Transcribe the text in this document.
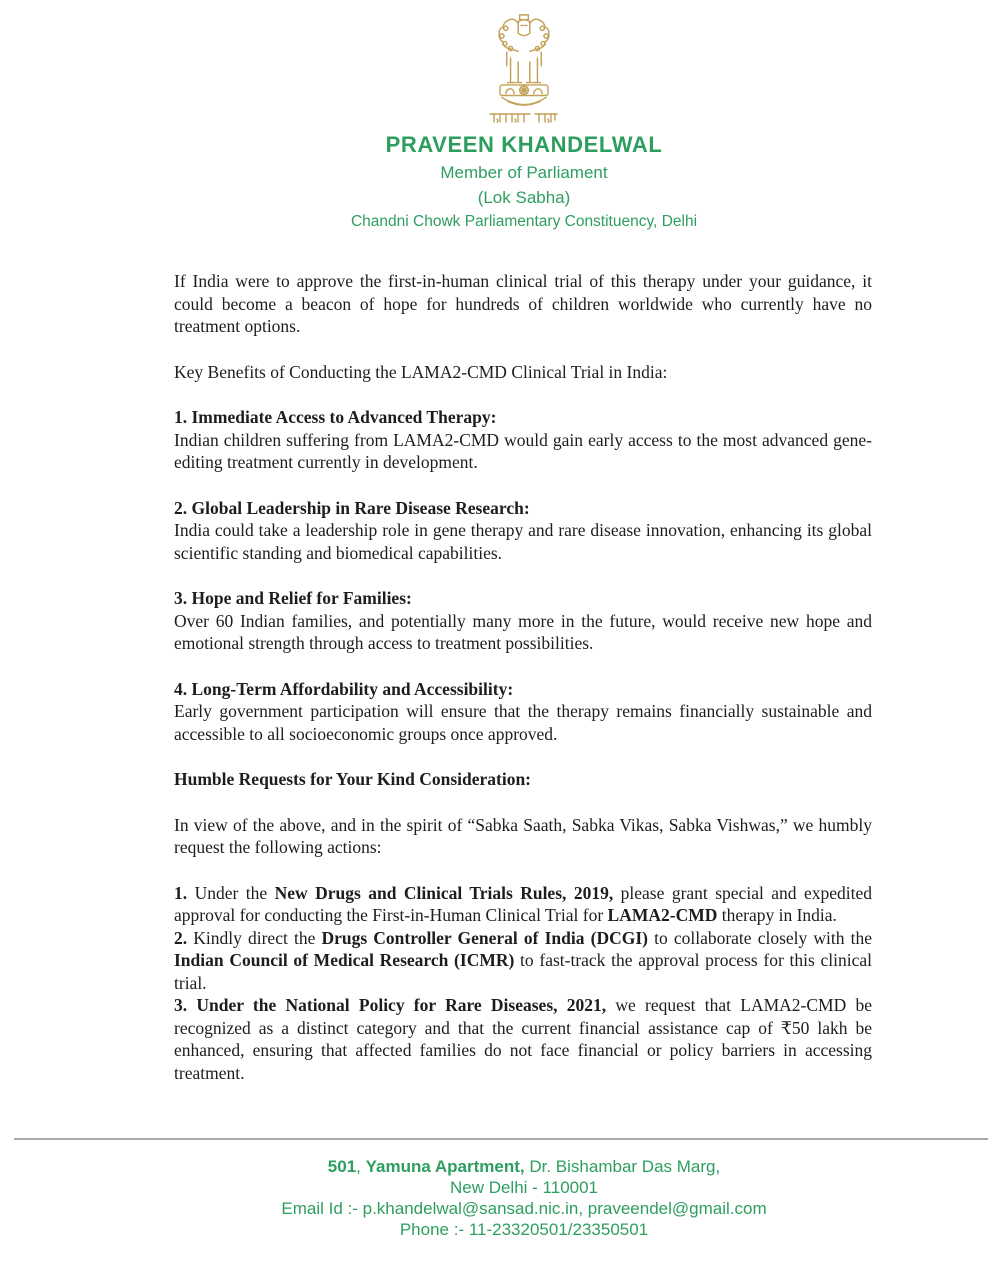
PRAVEEN KHANDELWAL
Member of Parliament
(Lok Sabha)
Chandni Chowk Parliamentary Constituency, Delhi

If India were to approve the first-in-human clinical trial of this therapy under your guidance, it could become a beacon of hope for hundreds of children worldwide who currently have no treatment options.

Key Benefits of Conducting the LAMA2-CMD Clinical Trial in India:

1. Immediate Access to Advanced Therapy:
Indian children suffering from LAMA2-CMD would gain early access to the most advanced gene-editing treatment currently in development.

2. Global Leadership in Rare Disease Research:
India could take a leadership role in gene therapy and rare disease innovation, enhancing its global scientific standing and biomedical capabilities.

3. Hope and Relief for Families:
Over 60 Indian families, and potentially many more in the future, would receive new hope and emotional strength through access to treatment possibilities.

4. Long-Term Affordability and Accessibility:
Early government participation will ensure that the therapy remains financially sustainable and accessible to all socioeconomic groups once approved.

Humble Requests for Your Kind Consideration:

In view of the above, and in the spirit of “Sabka Saath, Sabka Vikas, Sabka Vishwas,” we humbly request the following actions:

1. Under the New Drugs and Clinical Trials Rules, 2019, please grant special and expedited approval for conducting the First-in-Human Clinical Trial for LAMA2-CMD therapy in India.

2. Kindly direct the Drugs Controller General of India (DCGI) to collaborate closely with the Indian Council of Medical Research (ICMR) to fast-track the approval process for this clinical trial.

3. Under the National Policy for Rare Diseases, 2021, we request that LAMA2-CMD be recognized as a distinct category and that the current financial assistance cap of ₹50 lakh be enhanced, ensuring that affected families do not face financial or policy barriers in accessing treatment.

501, Yamuna Apartment, Dr. Bishambar Das Marg,
New Delhi - 110001
Email Id :- p.khandelwal@sansad.nic.in, praveendel@gmail.com
Phone :- 11-23320501/23350501
